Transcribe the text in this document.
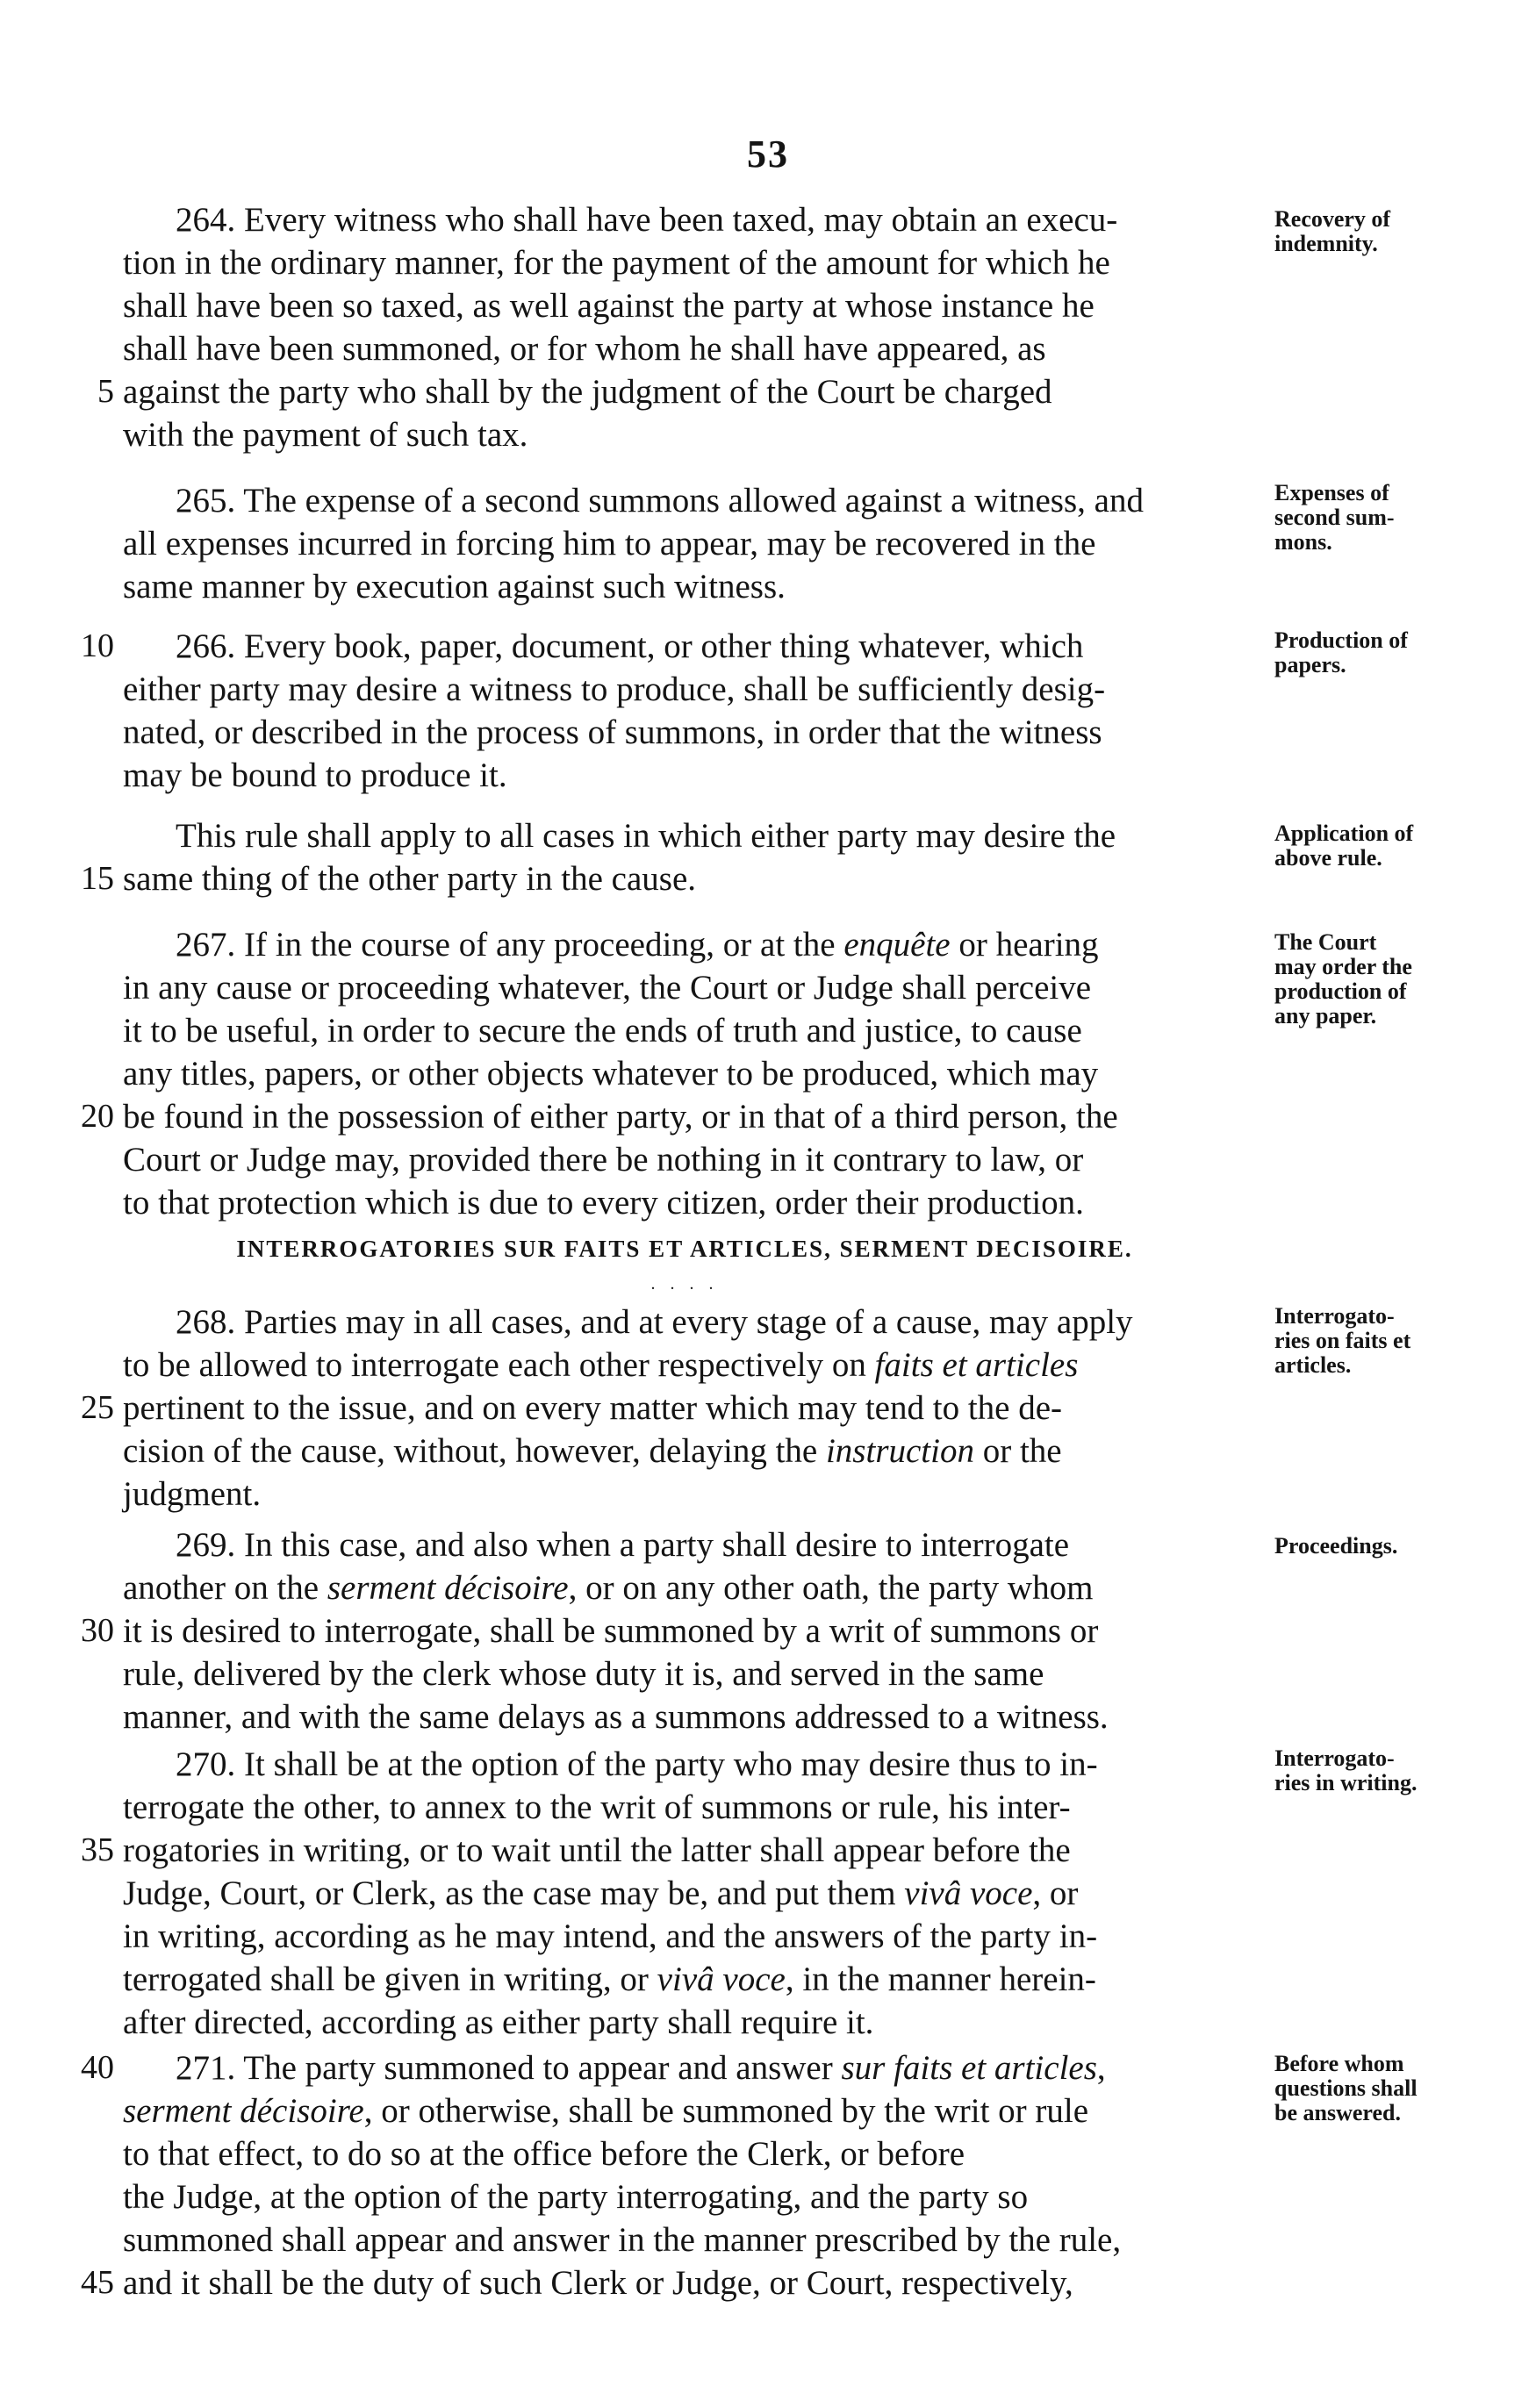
53
264. Every witness who shall have been taxed, may obtain an execu-
tion in the ordinary manner, for the payment of the amount for which he
shall have been so taxed, as well against the party at whose instance he
shall have been summoned, or for whom he shall have appeared, as
5 against the party who shall by the judgment of the Court be charged
with the payment of such tax.
Recovery of
indemnity.
265. The expense of a second summons allowed against a witness, and
all expenses incurred in forcing him to appear, may be recovered in the
same manner by execution against such witness.
Expenses of
second sum-
mons.
10 266. Every book, paper, document, or other thing whatever, which
either party may desire a witness to produce, shall be sufficiently desig-
nated, or described in the process of summons, in order that the witness
may be bound to produce it.
Production of
papers.
This rule shall apply to all cases in which either party may desire the
15 same thing of the other party in the cause.
Application of
above rule.
267. If in the course of any proceeding, or at the enquête or hearing
in any cause or proceeding whatever, the Court or Judge shall perceive
it to be useful, in order to secure the ends of truth and justice, to cause
any titles, papers, or other objects whatever to be produced, which may
20 be found in the possession of either party, or in that of a third person, the
Court or Judge may, provided there be nothing in it contrary to law, or
to that protection which is due to every citizen, order their production.
The Court
may order the
production of
any paper.
INTERROGATORIES SUR FAITS ET ARTICLES, SERMENT DECISOIRE.
. . . .
268. Parties may in all cases, and at every stage of a cause, may apply
to be allowed to interrogate each other respectively on faits et articles
25 pertinent to the issue, and on every matter which may tend to the de-
cision of the cause, without, however, delaying the instruction or the
judgment.
Interrogato-
ries on faits et
articles.
269. In this case, and also when a party shall desire to interrogate
another on the serment décisoire, or on any other oath, the party whom
30 it is desired to interrogate, shall be summoned by a writ of summons or
rule, delivered by the clerk whose duty it is, and served in the same
manner, and with the same delays as a summons addressed to a witness.
Proceedings.
270. It shall be at the option of the party who may desire thus to in-
terrogate the other, to annex to the writ of summons or rule, his inter-
35 rogatories in writing, or to wait until the latter shall appear before the
Judge, Court, or Clerk, as the case may be, and put them vivâ voce, or
in writing, according as he may intend, and the answers of the party in-
terrogated shall be given in writing, or vivâ voce, in the manner herein-
after directed, according as either party shall require it.
Interrogato-
ries in writing.
40 271. The party summoned to appear and answer sur faits et articles,
serment décisoire, or otherwise, shall be summoned by the writ or rule
to that effect, to do so at the office before the Clerk, or before
the Judge, at the option of the party interrogating, and the party so
summoned shall appear and answer in the manner prescribed by the rule,
45 and it shall be the duty of such Clerk or Judge, or Court, respectively,
Before whom
questions shall
be answered.
